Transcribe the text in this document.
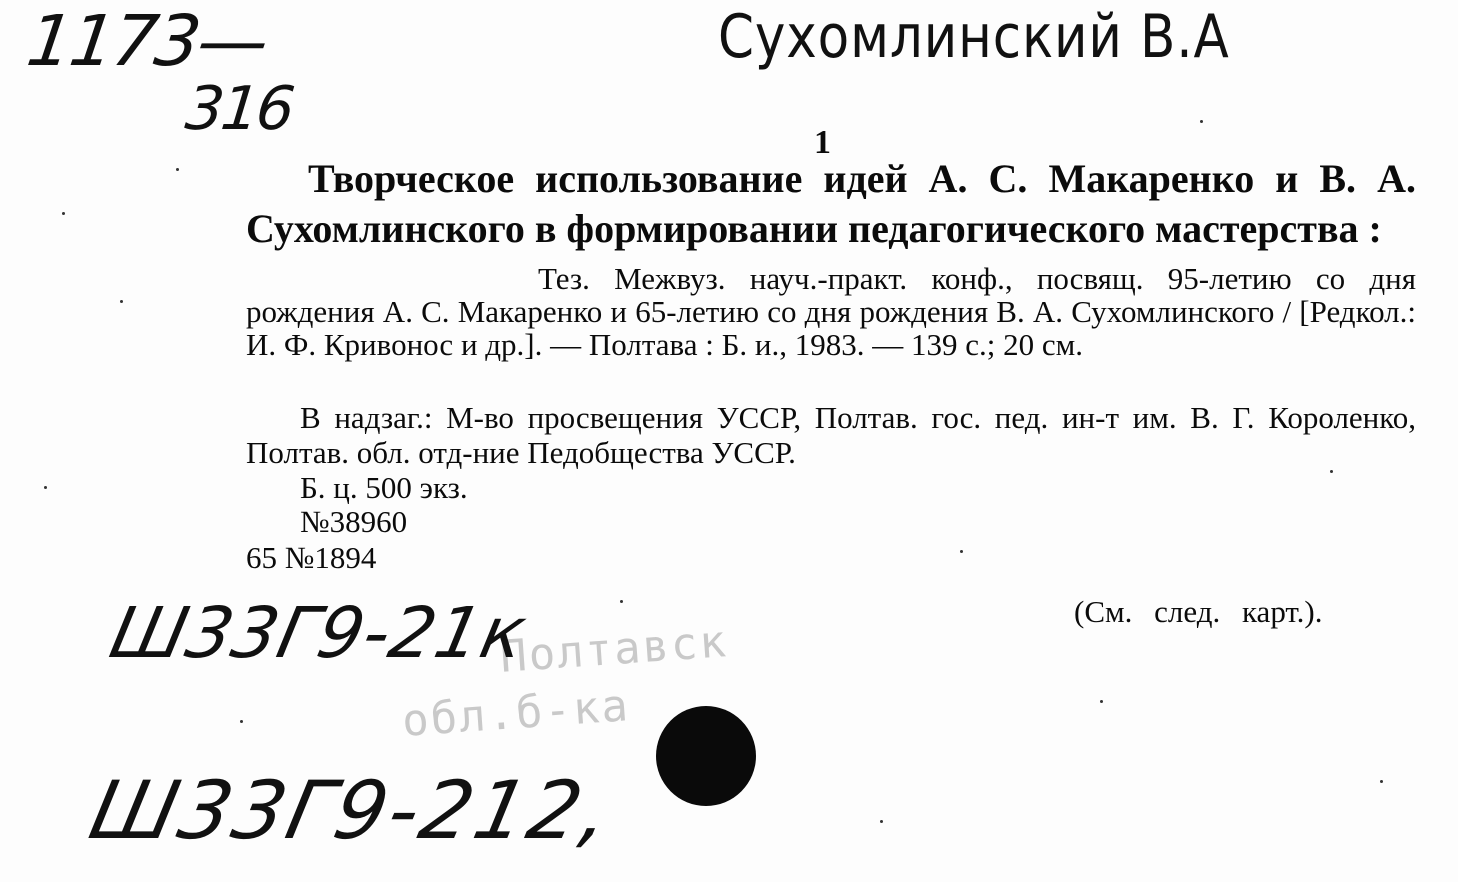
1173—

316

Сухомлинский В.А

1

Творческое использование идей А. С. Макаренко и В. А. Сухомлинского в формировании педагогического мастерства :

Тез. Межвуз. науч.-практ. конф., посвящ. 95-летию со дня рождения А. С. Макаренко и 65-летию со дня рождения В. А. Сухомлинского / [Редкол.: И. Ф. Кривонос и др.]. — Полтава : Б. и., 1983. — 139 с.; 20 см.

В надзаг.: М-во просвещения УССР, Полтав. гос. пед. ин-т им. В. Г. Короленко, Полтав. обл. отд-ние Педобщества УССР.

Б. ц. 500 экз.

№38960

65 №1894

(См. след. карт.).

Полтавск

обл.б-ка

Ш33Г9-21к

Ш33Г9-212,
